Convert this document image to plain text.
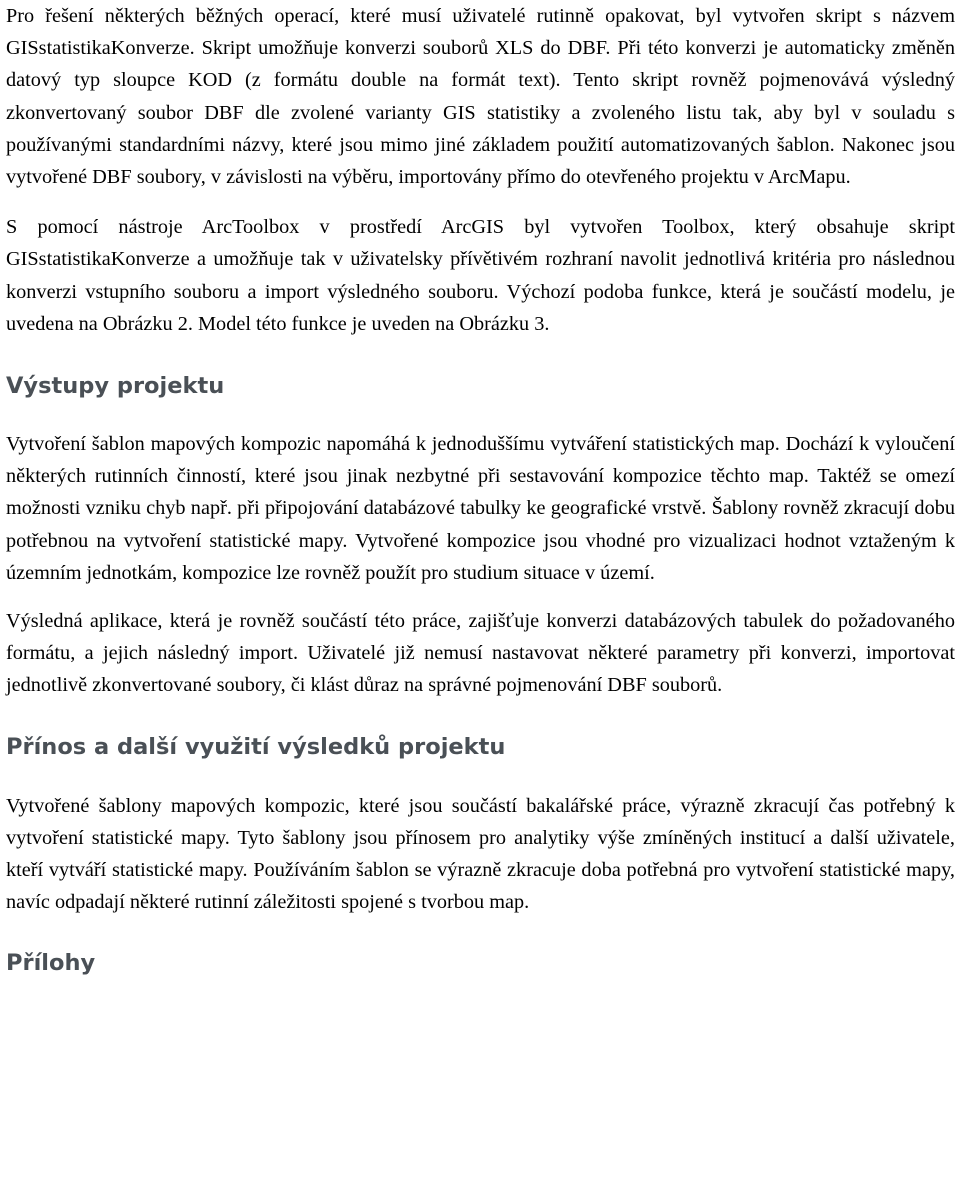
Pro řešení některých běžných operací, které musí uživatelé rutinně opakovat, byl vytvořen skript s názvem GISstatistikaKonverze. Skript umožňuje konverzi souborů XLS do DBF. Při této konverzi je automaticky změněn datový typ sloupce KOD (z formátu double na formát text). Tento skript rovněž pojmenovává výsledný zkonvertovaný soubor DBF dle zvolené varianty GIS statistiky a zvoleného listu tak, aby byl v souladu s používanými standardními názvy, které jsou mimo jiné základem použití automatizovaných šablon. Nakonec jsou vytvořené DBF soubory, v závislosti na výběru, importovány přímo do otevřeného projektu v ArcMapu.

S pomocí nástroje ArcToolbox v prostředí ArcGIS byl vytvořen Toolbox, který obsahuje skript GISstatistikaKonverze a umožňuje tak v uživatelsky přívětivém rozhraní navolit jednotlivá kritéria pro následnou konverzi vstupního souboru a import výsledného souboru. Výchozí podoba funkce, která je součástí modelu, je uvedena na Obrázku 2. Model této funkce je uveden na Obrázku 3.

Výstupy projektu

Vytvoření šablon mapových kompozic napomáhá k jednoduššímu vytváření statistických map. Dochází k vyloučení některých rutinních činností, které jsou jinak nezbytné při sestavování kompozice těchto map. Taktéž se omezí možnosti vzniku chyb např. při připojování databázové tabulky ke geografické vrstvě. Šablony rovněž zkracují dobu potřebnou na vytvoření statistické mapy. Vytvořené kompozice jsou vhodné pro vizualizaci hodnot vztaženým k územním jednotkám, kompozice lze rovněž použít pro studium situace v území.

Výsledná aplikace, která je rovněž součástí této práce, zajišťuje konverzi databázových tabulek do požadovaného formátu, a jejich následný import. Uživatelé již nemusí nastavovat některé parametry při konverzi, importovat jednotlivě zkonvertované soubory, či klást důraz na správné pojmenování DBF souborů.

Přínos a další využití výsledků projektu

Vytvořené šablony mapových kompozic, které jsou součástí bakalářské práce, výrazně zkracují čas potřebný k vytvoření statistické mapy. Tyto šablony jsou přínosem pro analytiky výše zmíněných institucí a další uživatele, kteří vytváří statistické mapy. Používáním šablon se výrazně zkracuje doba potřebná pro vytvoření statistické mapy, navíc odpadají některé rutinní záležitosti spojené s tvorbou map.

Přílohy
